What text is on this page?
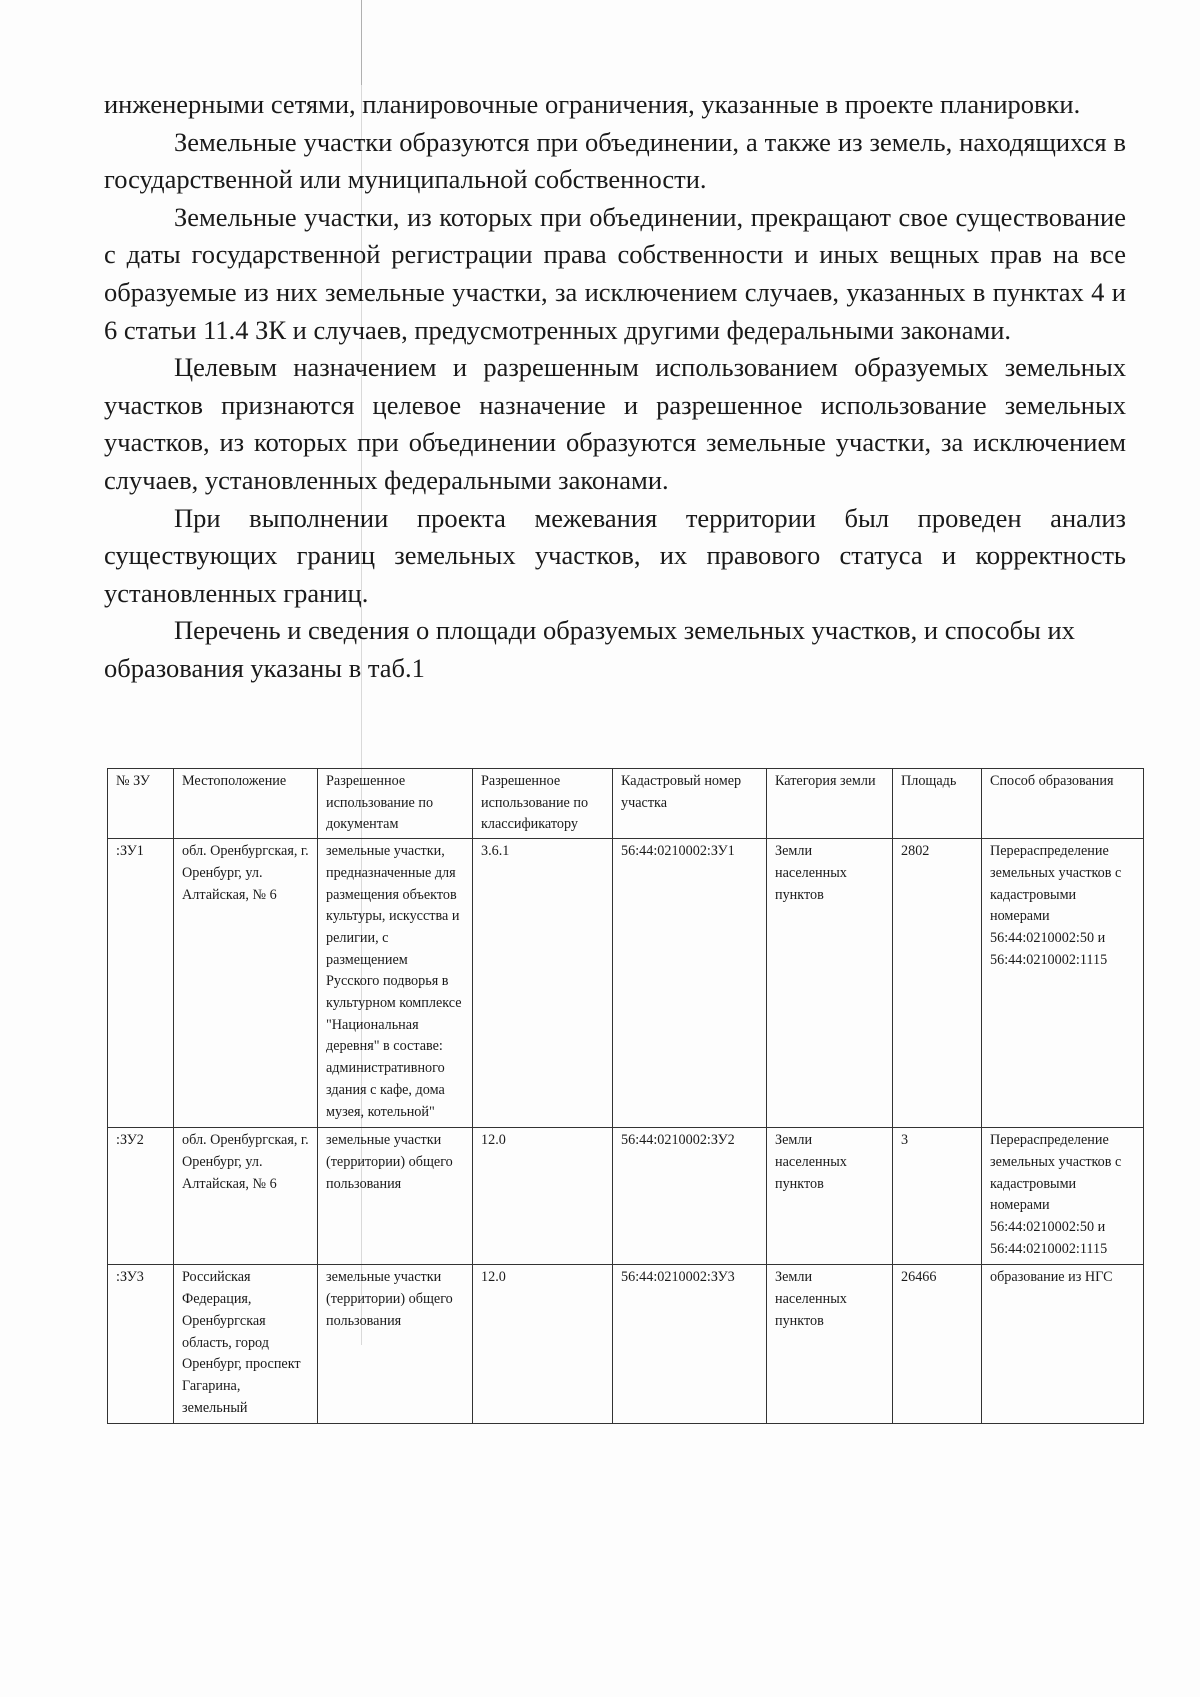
инженерными сетями, планировочные ограничения, указанные в проекте планировки.

Земельные участки образуются при объединении, а также из земель, находящихся в государственной или муниципальной собственности.

Земельные участки, из которых при объединении, прекращают свое существование с даты государственной регистрации права собственности и иных вещных прав на все образуемые из них земельные участки, за исключением случаев, указанных в пунктах 4 и 6 статьи 11.4 ЗК и случаев, предусмотренных другими федеральными законами.

Целевым назначением и разрешенным использованием образуемых земельных участков признаются целевое назначение и разрешенное использование земельных участков, из которых при объединении образуются земельные участки, за исключением случаев, установленных федеральными законами.

При выполнении проекта межевания территории был проведен анализ существующих границ земельных участков, их правового статуса и корректность установленных границ.

Перечень и сведения о площади образуемых земельных участков, и способы их образования указаны в таб.1

№ ЗУ	Местоположение	Разрешенное использование по документам	Разрешенное использование по классификатору	Кадастровый номер участка	Категория земли	Площадь	Способ образования
:ЗУ1	обл. Оренбургская, г. Оренбург, ул. Алтайская, № 6	земельные участки, предназначенные для размещения объектов культуры, искусства и религии, с размещением Русского подворья в культурном комплексе "Национальная деревня" в составе: административного здания с кафе, дома музея, котельной"	3.6.1	56:44:0210002:ЗУ1	Земли населенных пунктов	2802	Перераспределение земельных участков с кадастровыми номерами 56:44:0210002:50 и 56:44:0210002:1115
:ЗУ2	обл. Оренбургская, г. Оренбург, ул. Алтайская, № 6	земельные участки (территории) общего пользования	12.0	56:44:0210002:ЗУ2	Земли населенных пунктов	3	Перераспределение земельных участков с кадастровыми номерами 56:44:0210002:50 и 56:44:0210002:1115
:ЗУ3	Российская Федерация, Оренбургская область, город Оренбург, проспект Гагарина, земельный	земельные участки (территории) общего пользования	12.0	56:44:0210002:ЗУ3	Земли населенных пунктов	26466	образование из НГС
